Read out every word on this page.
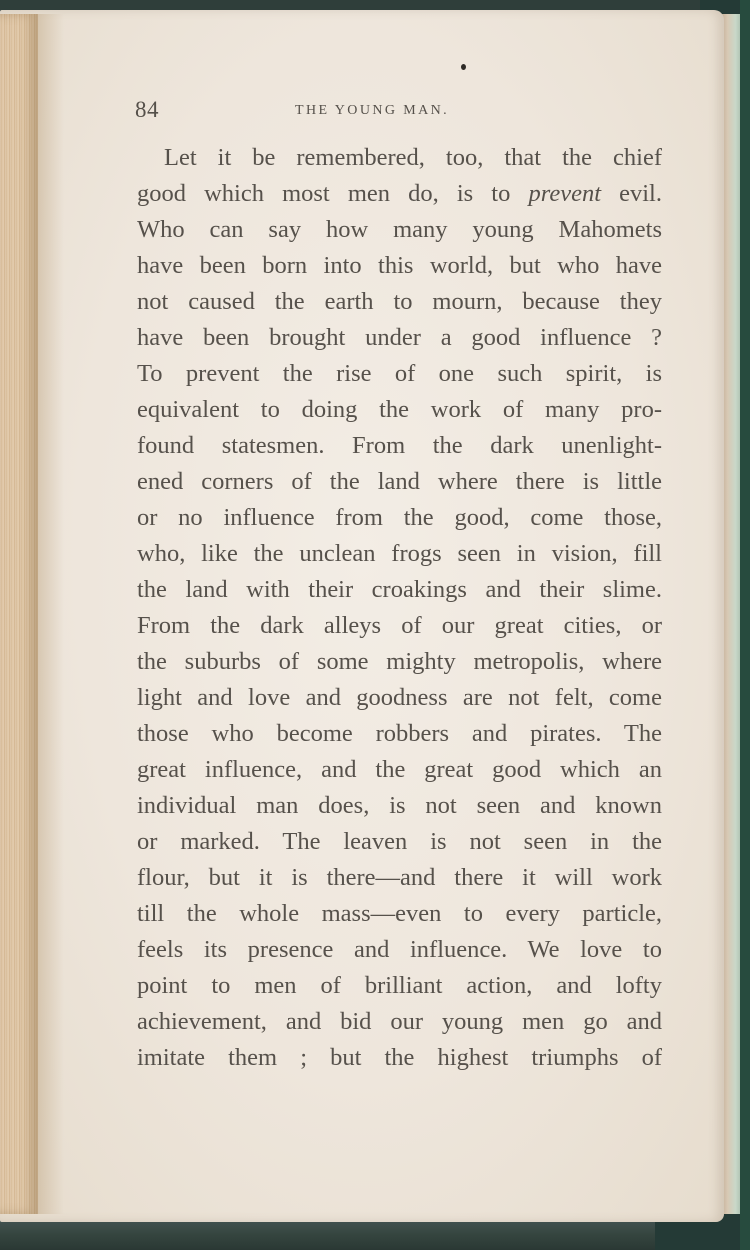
84	THE YOUNG MAN.
Let it be remembered, too, that the chief
good which most men do, is to prevent evil.
Who can say how many young Mahomets
have been born into this world, but who have
not caused the earth to mourn, because they
have been brought under a good influence ?
To prevent the rise of one such spirit, is
equivalent to doing the work of many pro-
found statesmen. From the dark unenlight-
ened corners of the land where there is little
or no influence from the good, come those,
who, like the unclean frogs seen in vision, fill
the land with their croakings and their slime.
From the dark alleys of our great cities, or
the suburbs of some mighty metropolis, where
light and love and goodness are not felt, come
those who become robbers and pirates. The
great influence, and the great good which an
individual man does, is not seen and known
or marked. The leaven is not seen in the
flour, but it is there—and there it will work
till the whole mass—even to every particle,
feels its presence and influence. We love to
point to men of brilliant action, and lofty
achievement, and bid our young men go and
imitate them ; but the highest triumphs of
